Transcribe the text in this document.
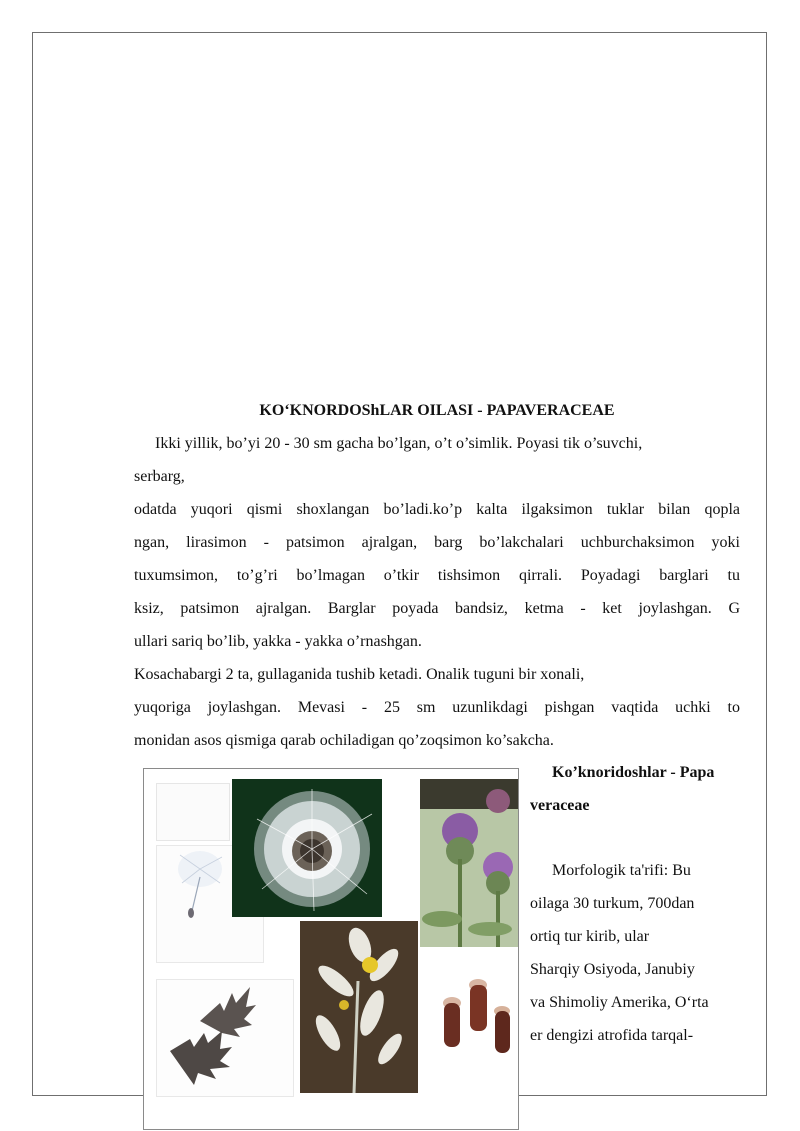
KO‘KNORDOShLAR OILASI - PAPAVERACEAE
Ikki yillik, bo’yi 20 - 30 sm gacha bo’lgan, o’t o’simlik. Poyasi tik o’suvchi,
serbarg,
odatda yuqori qismi shoxlangan bo’ladi.ko’p kalta ilgaksimon tuklar bilan qopla
ngan, lirasimon - patsimon ajralgan, barg bo’lakchalari uchburchaksimon yoki
tuxumsimon, to’g’ri bo’lmagan o’tkir tishsimon qirrali. Poyadagi barglari tu
ksiz, patsimon ajralgan. Barglar poyada bandsiz, ketma - ket joylashgan. G
ullari sariq bo’lib, yakka - yakka o’rnashgan.
Kosachabargi 2 ta, gullaganida tushib ketadi. Onalik tuguni bir xonali,
yuqoriga joylashgan. Mevasi - 25 sm uzunlikdagi pishgan vaqtida uchki to
monidan asos qismiga qarab ochiladigan qo’zoqsimon ko’sakcha.
Ko’knoridoshlar - Papa
veraceae
Morfologik ta'rifi: Bu
oilaga 30 turkum, 700dan
ortiq tur kirib, ular
Sharqiy Osiyoda, Janubiy
va Shimoliy Amerika, O‘rta
er dengizi atrofida tarqal-
